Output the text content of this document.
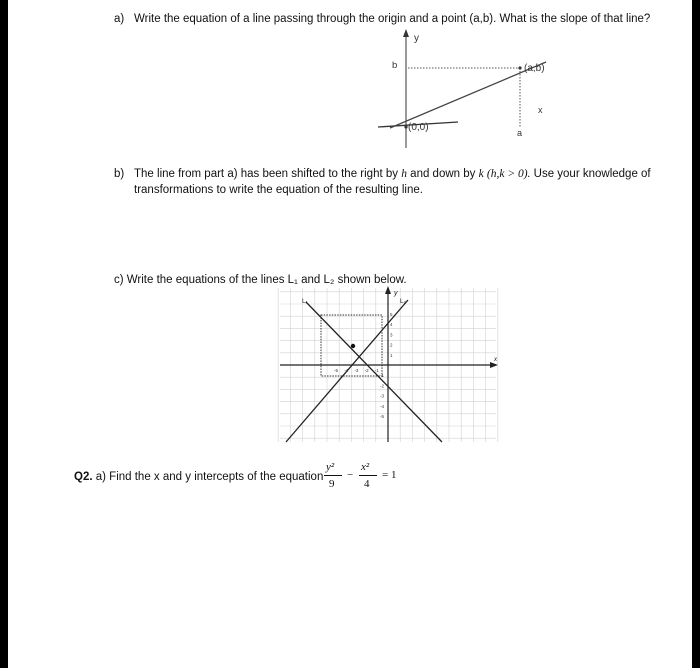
a) Write the equation of a line passing through the origin and a point (a,b). What is the slope of that line?
y
b
a
x
(a,b)
(0,0)
b) The line from part a) has been shifted to the right by h and down by k (h,k > 0). Use your knowledge of
transformations to write the equation of the resulting line.
c) Write the equations of the lines L₁ and L₂ shown below.
L₁	L₂
y
x
5
4
3
2
1
-1
-2
-3
-4
-5
-5 -4 -3 -2 -1
Q2. a) Find the x and y intercepts of the equation
y²
9
−
x²
4
= 1
